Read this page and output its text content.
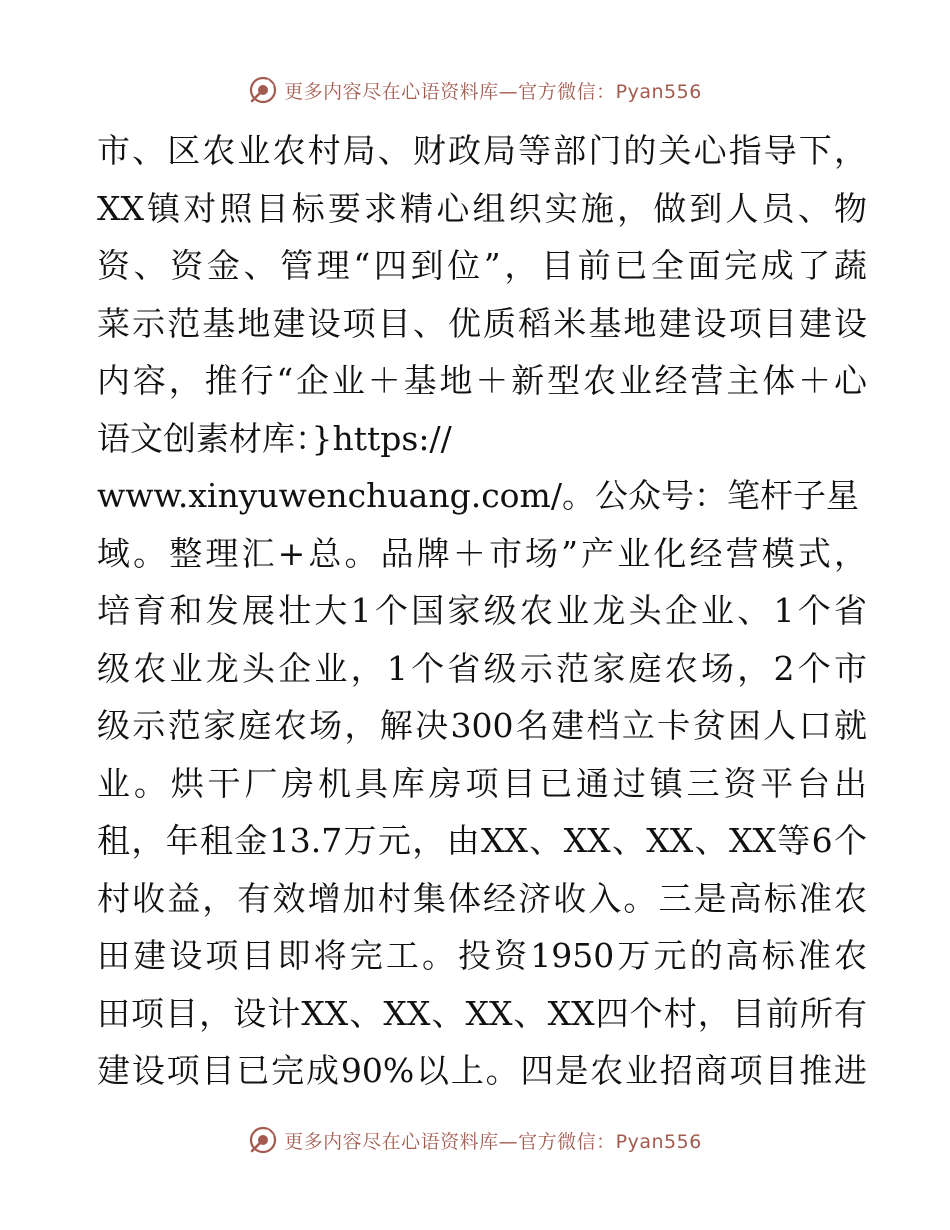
更多内容尽在心语资料库—官方微信：Pyan556
市、区农业农村局、财政局等部门的关心指导下，
XX镇对照目标要求精心组织实施，做到人员、物
资、资金、管理“四到位”，目前已全面完成了蔬
菜示范基地建设项目、优质稻米基地建设项目建设
内容，推行“企业＋基地＋新型农业经营主体＋心
语文创素材库：}https://
www.xinyuwenchuang.com/。公众号：笔杆子星
域。整理汇+总。品牌＋市场”产业化经营模式，
培育和发展壮大1个国家级农业龙头企业、1个省
级农业龙头企业，1个省级示范家庭农场，2个市
级示范家庭农场，解决300名建档立卡贫困人口就
业。烘干厂房机具库房项目已通过镇三资平台出
租，年租金13.7万元，由XX、XX、XX、XX等6个
村收益，有效增加村集体经济收入。三是高标准农
田建设项目即将完工。投资1950万元的高标准农
田项目，设计XX、XX、XX、XX四个村，目前所有
建设项目已完成90%以上。四是农业招商项目推进
更多内容尽在心语资料库—官方微信：Pyan556
